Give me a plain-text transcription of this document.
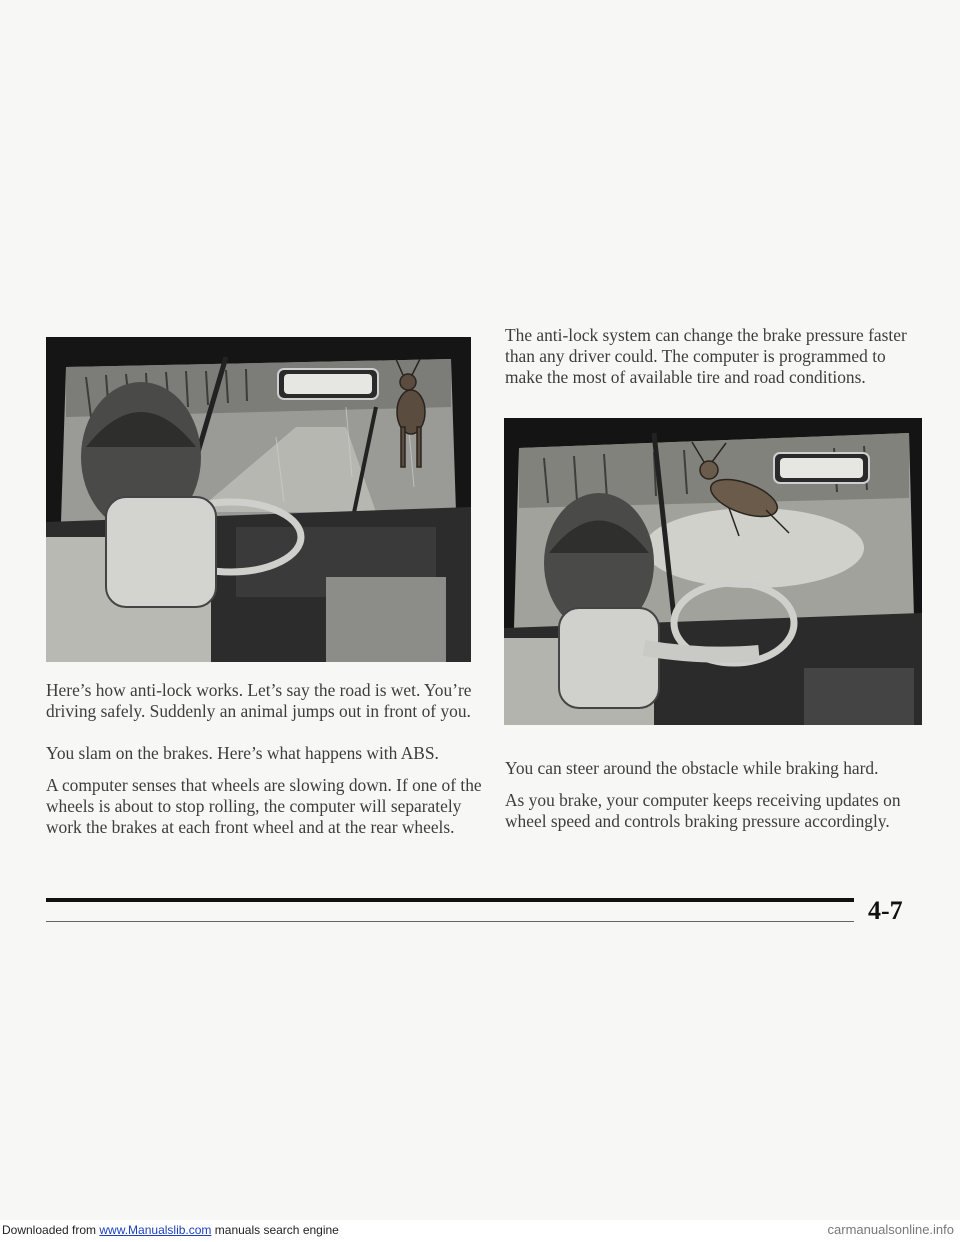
Here’s how anti-lock works. Let’s say the road is wet. You’re driving safely. Suddenly an animal jumps out in front of you.

You slam on the brakes. Here’s what happens with ABS.

A computer senses that wheels are slowing down. If one of the wheels is about to stop rolling, the computer will separately work the brakes at each front wheel and at the rear wheels.

The anti-lock system can change the brake pressure faster than any driver could. The computer is programmed to make the most of available tire and road conditions.

You can steer around the obstacle while braking hard.

As you brake, your computer keeps receiving updates on wheel speed and controls braking pressure accordingly.

4-7
Downloaded from www.Manualslib.com manuals search engine	carmanualsonline.info
